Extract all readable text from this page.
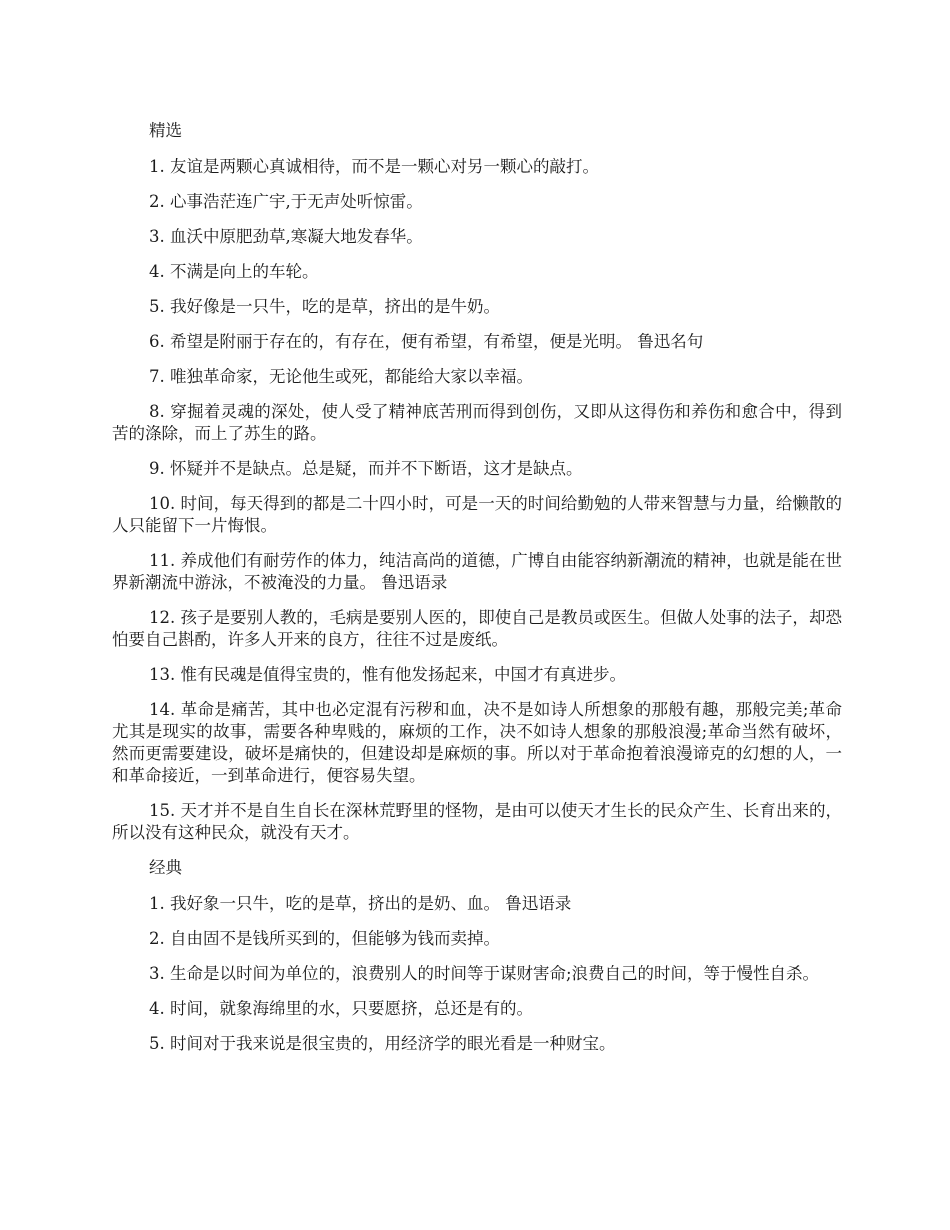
精选

1. 友谊是两颗心真诚相待，而不是一颗心对另一颗心的敲打。

2. 心事浩茫连广宇,于无声处听惊雷。

3. 血沃中原肥劲草,寒凝大地发春华。

4. 不满是向上的车轮。

5. 我好像是一只牛，吃的是草，挤出的是牛奶。

6. 希望是附丽于存在的，有存在，便有希望，有希望，便是光明。 鲁迅名句

7. 唯独革命家，无论他生或死，都能给大家以幸福。

8. 穿掘着灵魂的深处，使人受了精神底苦刑而得到创伤，又即从这得伤和养伤和愈合中，得到苦的涤除，而上了苏生的路。

9. 怀疑并不是缺点。总是疑，而并不下断语，这才是缺点。

10. 时间，每天得到的都是二十四小时，可是一天的时间给勤勉的人带来智慧与力量，给懒散的人只能留下一片悔恨。

11. 养成他们有耐劳作的体力，纯洁高尚的道德，广博自由能容纳新潮流的精神，也就是能在世界新潮流中游泳，不被淹没的力量。 鲁迅语录

12. 孩子是要别人教的，毛病是要别人医的，即使自己是教员或医生。但做人处事的法子，却恐怕要自己斟酌，许多人开来的良方，往往不过是废纸。

13. 惟有民魂是值得宝贵的，惟有他发扬起来，中国才有真进步。

14. 革命是痛苦，其中也必定混有污秽和血，决不是如诗人所想象的那般有趣，那般完美;革命尤其是现实的故事，需要各种卑贱的，麻烦的工作，决不如诗人想象的那般浪漫;革命当然有破坏，然而更需要建设，破坏是痛快的，但建设却是麻烦的事。所以对于革命抱着浪漫谛克的幻想的人，一和革命接近，一到革命进行，便容易失望。

15. 天才并不是自生自长在深林荒野里的怪物，是由可以使天才生长的民众产生、长育出来的，所以没有这种民众，就没有天才。

经典

1. 我好象一只牛，吃的是草，挤出的是奶、血。 鲁迅语录

2. 自由固不是钱所买到的，但能够为钱而卖掉。

3. 生命是以时间为单位的，浪费别人的时间等于谋财害命;浪费自己的时间，等于慢性自杀。

4. 时间，就象海绵里的水，只要愿挤，总还是有的。

5. 时间对于我来说是很宝贵的，用经济学的眼光看是一种财宝。
